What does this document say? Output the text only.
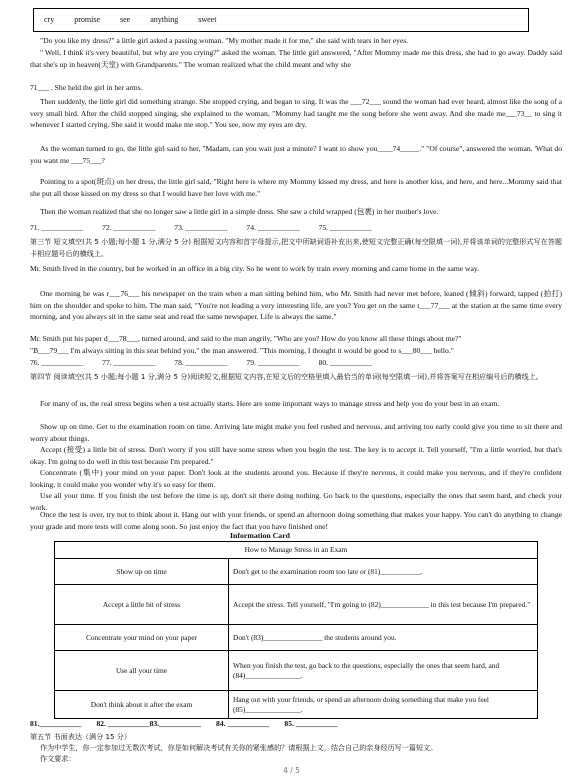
cry	promise	see	anything	sweet

"Do you like my dress?" a little girl asked a passing woman. "My mother made it for me," she said with tears in her eyes.

" Well, I think it's very beautiful, but why are you crying?" asked the woman. The little girl answered, "After Mommy made me this dress, she had to go away. Daddy said that she's up in heaven(天堂) with Grandparents." The woman realized what the child meant and why she

71___ . She held the girl in her arms.

Then suddenly, the little girl did something strange. She stopped crying, and began to sing. It was the ___72___ sound the woman had ever heard, almost like the song of a very small bird. After the child stopped singing, she explained to the woman, "Mommy had taught me the song before she went away. And she made me___73__ to sing it whenever I started crying. She said it would make me stop." You see, now my eyes are dry.

As the woman turned to go, the little girl said to her, "Madam, can you wait just a minute? I want to show you____74_____." "Of course", answered the woman. 'What do you want me ___75___?

Pointing to a spot(斑点) on her dress, the little girl said, "Right here is where my Mommy kissed my dress, and here is another kiss, and here, and here...Mommy said that she put all those kissed on my dress so that I would have her love with me."

Then the woman realized that she no longer saw a little girl in a simple dress. She saw a child wrapped (包裹) in her mother's love.

71. ___________          72. ___________          73. ___________          74. ___________          75. ___________

第三节 短文填空(共 5 小题;每小题 1 分,满分 5 分) 根据短文内容和首字母提示,把文中所缺词语补充出来,使短文完整正确(每空限填一词),并将该单词的完整形式写在答题卡相应题号后的横线上。

Mr. Smith lived in the country, but he worked in an office in a big city. So he went to work by train every morning and came home in the same way.

One morning he was r___76___ his newspaper on the train when a man sitting behind him, who Mr. Smith had never met before, leaned (倾斜) forward, tapped (拍打) him on the shoulder and spoke to him. The man said, "You're not leading a very interesting life, are you? You get on the same t___77___ at the station at the same time every morning, and you always sit in the same seat and read the same newspaper. Life is always the same."

Mr. Smith put his paper d___78___, turned around, and said to the man angrily, "Who are you? How do you know all these things about me?"

"B___79___ I'm always sitting in this seat behind you," the man answered. "This morning, I thought it would be good to s___80___ hello."

76. ___________          77. ___________          78. ___________          79. ___________          80. ___________

第四节 阅读填空(共 5 小题;每小题 1 分,满分 5 分)阅读短文,根据短文内容,在短文后的空格里填入最恰当的单词(每空限填一词),并将答案写在相应编号后的横线上。

For many of us, the real stress begins when a test actually starts. Here are some important ways to manage stress and help you do your best in an exam.

Show up on time. Get to the examination room on time. Arriving late might make you feel rushed and nervous, and arriving too early could give you time to sit there and worry about things.

Accept (接受) a little bit of stress. Don't worry if you still have some stress when you begin the test. The key is to accept it. Tell yourself, "I'm a little worried, but that's okay. I'm going to do well in this test because I'm prepared."

Concentrate (集中) your mind on your paper. Don't look at the students around you. Because if they're nervous, it could make you nervous, and if they're confident looking, it could make you wonder why it's so easy for them.

Use all your time. If you finish the test before the time is up, don't sit there doing nothing. Go back to the questions, especially the ones that seem hard, and check your work.

Once the test is over, try not to think about it. Hang out with your friends, or spend an afternoon doing something that makes your happy. You can't do anything to change your grade and more tests will come along soon. So just enjoy the fact that you have finished one!

Information Card
How to Manage Stress in an Exam	
Show up on time	Don't get to the examination room too late or (81)___________.
Accept a little bit of stress	Accept the stress. Tell yourself, "I'm going to (82)_____________ in this test because I'm prepared."
Concentrate your mind on your paper	Don't (83)________________ the students around you.
Use all your time	When you finish the test, go back to the questions, especially the ones that seem hard, and (84)_______________.
Don't think about it after the exam	Hang out with your friends, or spend an afternoon doing something that make you feel (85)_______________.
81.___________        82. ___________83.___________        84. ___________        85. ___________

第五节 书面表达（满分 15 分）

作为中学生，你一定参加过无数次考试，你是如何解决考试有关你的紧张感的？请根据上文，结合自己的亲身经历写一篇短文。

作文要求：

4 / 5
